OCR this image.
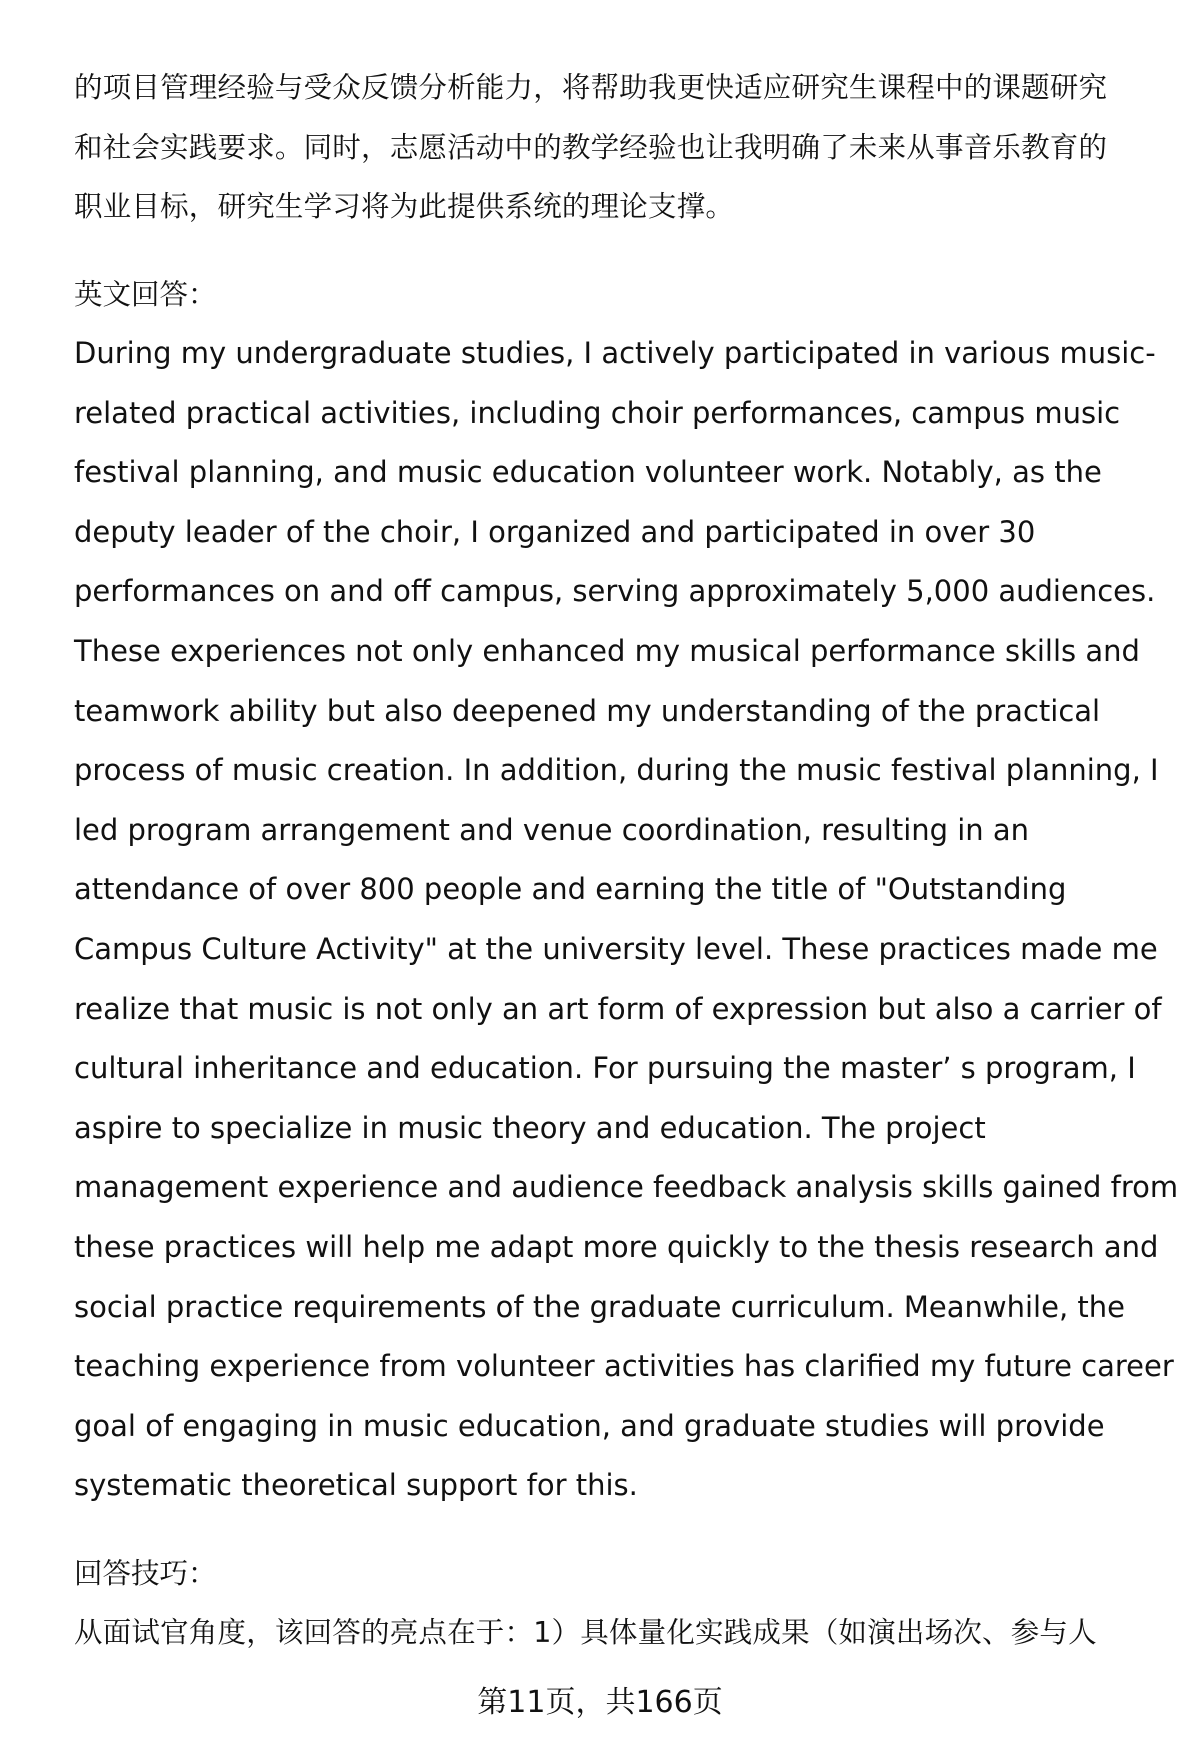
的项目管理经验与受众反馈分析能力，将帮助我更快适应研究生课程中的课题研究
和社会实践要求。同时，志愿活动中的教学经验也让我明确了未来从事音乐教育的
职业目标，研究生学习将为此提供系统的理论支撑。

英文回答：

During my undergraduate studies, I actively participated in various music-
related practical activities, including choir performances, campus music
festival planning, and music education volunteer work. Notably, as the
deputy leader of the choir, I organized and participated in over 30
performances on and off campus, serving approximately 5,000 audiences.
These experiences not only enhanced my musical performance skills and
teamwork ability but also deepened my understanding of the practical
process of music creation. In addition, during the music festival planning, I
led program arrangement and venue coordination, resulting in an
attendance of over 800 people and earning the title of "Outstanding
Campus Culture Activity" at the university level. These practices made me
realize that music is not only an art form of expression but also a carrier of
cultural inheritance and education. For pursuing the master’ s program, I
aspire to specialize in music theory and education. The project
management experience and audience feedback analysis skills gained from
these practices will help me adapt more quickly to the thesis research and
social practice requirements of the graduate curriculum. Meanwhile, the
teaching experience from volunteer activities has clarified my future career
goal of engaging in music education, and graduate studies will provide
systematic theoretical support for this.

回答技巧：

从面试官角度，该回答的亮点在于：1）具体量化实践成果（如演出场次、参与人

第11页，共166页
